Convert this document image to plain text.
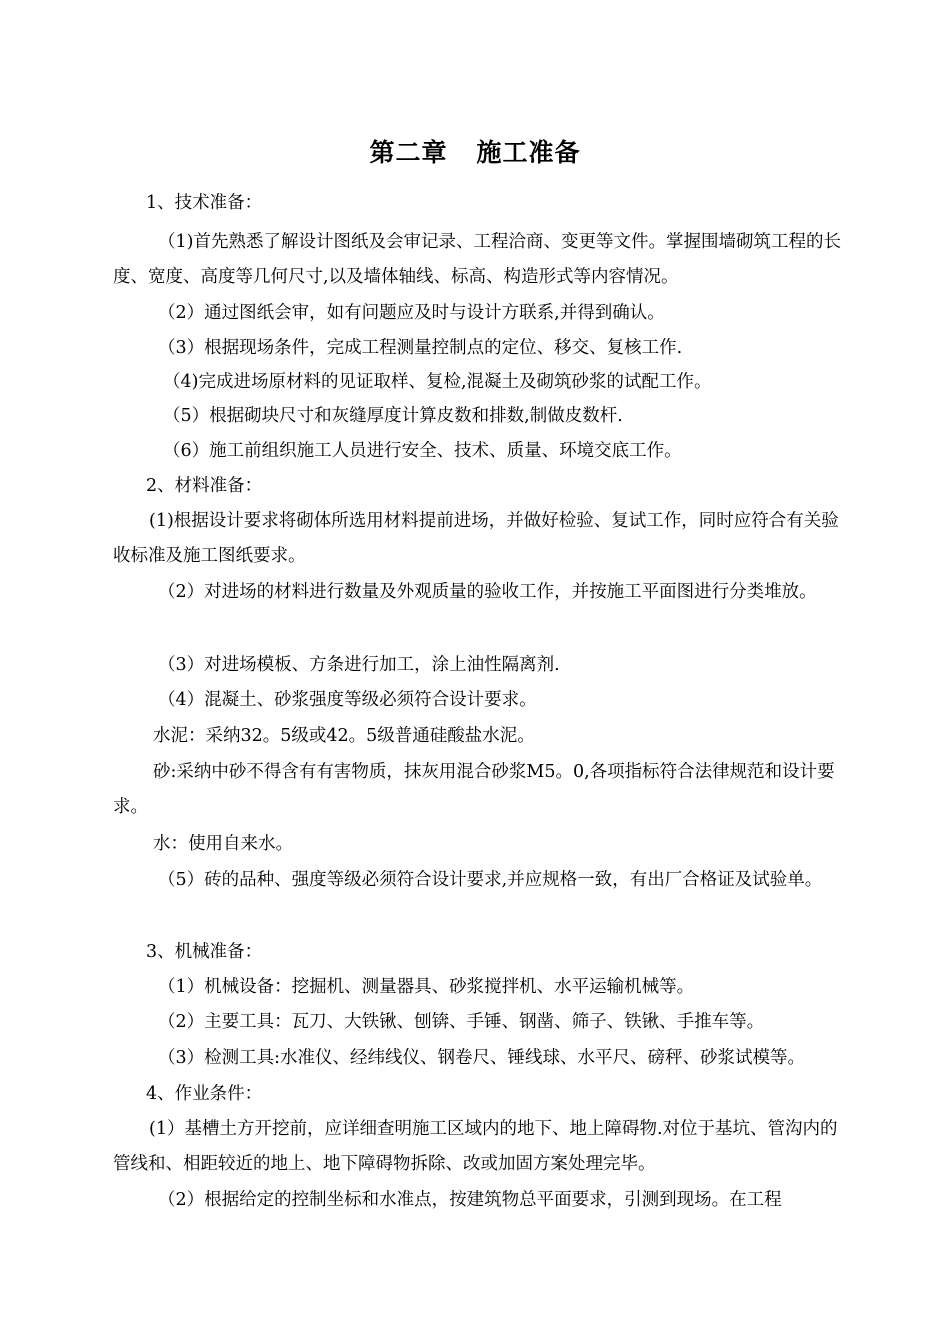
第二章   施工准备

1、技术准备：

（1)首先熟悉了解设计图纸及会审记录、工程洽商、变更等文件。掌握围墙砌筑工程的长度、宽度、高度等几何尺寸,以及墙体轴线、标高、构造形式等内容情况。

（2）通过图纸会审，如有问题应及时与设计方联系,并得到确认。

（3）根据现场条件，完成工程测量控制点的定位、移交、复核工作.

（4)完成进场原材料的见证取样、复检,混凝土及砌筑砂浆的试配工作。

（5）根据砌块尺寸和灰缝厚度计算皮数和排数,制做皮数杆.

（6）施工前组织施工人员进行安全、技术、质量、环境交底工作。

2、材料准备：

(1)根据设计要求将砌体所选用材料提前进场，并做好检验、复试工作，同时应符合有关验收标准及施工图纸要求。

（2）对进场的材料进行数量及外观质量的验收工作，并按施工平面图进行分类堆放。

（3）对进场模板、方条进行加工，涂上油性隔离剂.

（4）混凝土、砂浆强度等级必须符合设计要求。

水泥：采纳32。5级或42。5级普通硅酸盐水泥。

砂:采纳中砂不得含有有害物质，抹灰用混合砂浆M5。0,各项指标符合法律规范和设计要求。

水：使用自来水。

（5）砖的品种、强度等级必须符合设计要求,并应规格一致，有出厂合格证及试验单。

3、机械准备：

（1）机械设备：挖掘机、测量器具、砂浆搅拌机、水平运输机械等。

（2）主要工具：瓦刀、大铁锹、刨锛、手锤、钢凿、筛子、铁锹、手推车等。

（3）检测工具:水准仪、经纬线仪、钢卷尺、锤线球、水平尺、磅秤、砂浆试模等。

4、作业条件：

(1）基槽土方开挖前，应详细查明施工区域内的地下、地上障碍物.对位于基坑、管沟内的管线和、相距较近的地上、地下障碍物拆除、改或加固方案处理完毕。

（2）根据给定的控制坐标和水准点，按建筑物总平面要求，引测到现场。在工程
